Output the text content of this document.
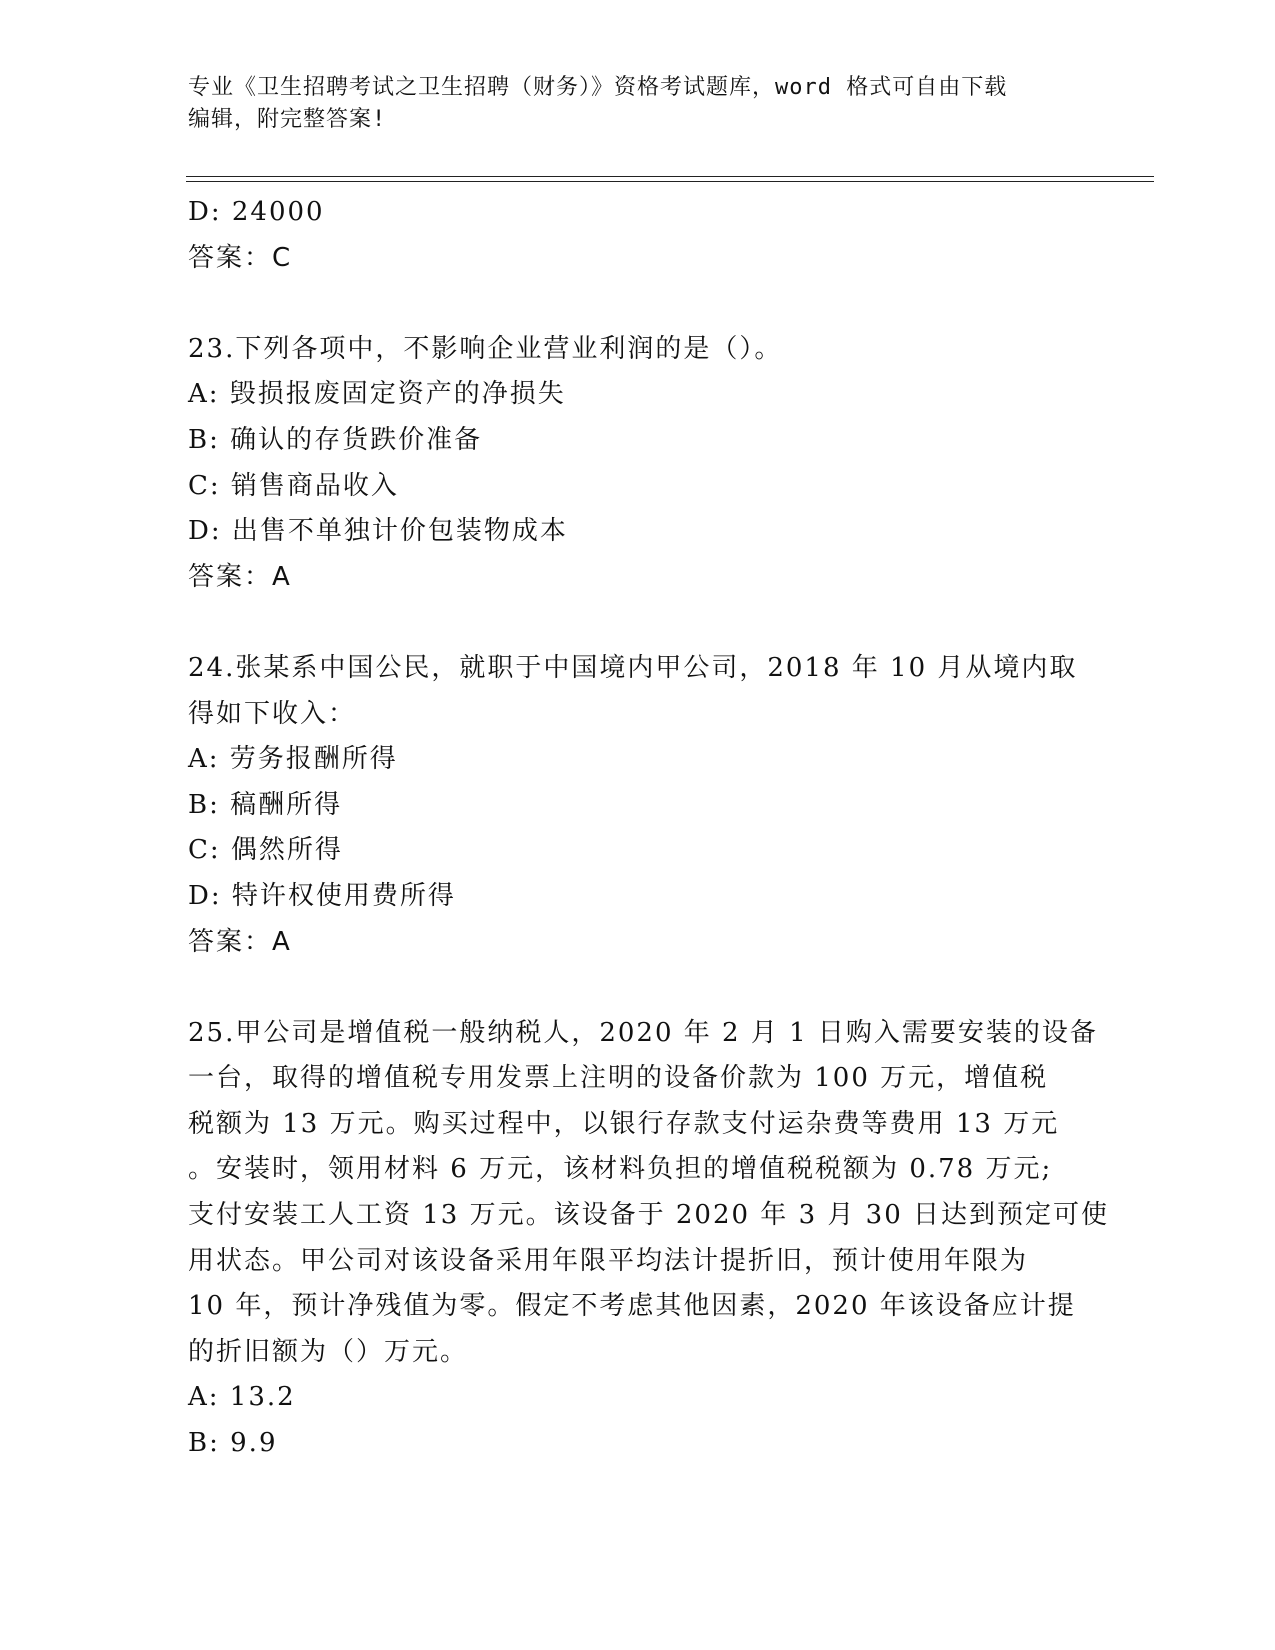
专业《卫生招聘考试之卫生招聘（财务）》资格考试题库，word 格式可自由下载
编辑，附完整答案!
D: 24000
答案：C
23.下列各项中，不影响企业营业利润的是（）。
A: 毁损报废固定资产的净损失
B: 确认的存货跌价准备
C: 销售商品收入
D: 出售不单独计价包装物成本
答案：A
24.张某系中国公民，就职于中国境内甲公司，2018 年 10 月从境内取
得如下收入：
A: 劳务报酬所得
B: 稿酬所得
C: 偶然所得
D: 特许权使用费所得
答案：A
25.甲公司是增值税一般纳税人，2020 年 2 月 1 日购入需要安装的设备
一台，取得的增值税专用发票上注明的设备价款为 100 万元，增值税
税额为 13 万元。购买过程中，以银行存款支付运杂费等费用 13 万元
。安装时，领用材料 6 万元，该材料负担的增值税税额为 0.78 万元;
支付安装工人工资 13 万元。该设备于 2020 年 3 月 30 日达到预定可使
用状态。甲公司对该设备采用年限平均法计提折旧，预计使用年限为
10 年，预计净残值为零。假定不考虑其他因素，2020 年该设备应计提
的折旧额为（）万元。
A: 13.2
B: 9.9
